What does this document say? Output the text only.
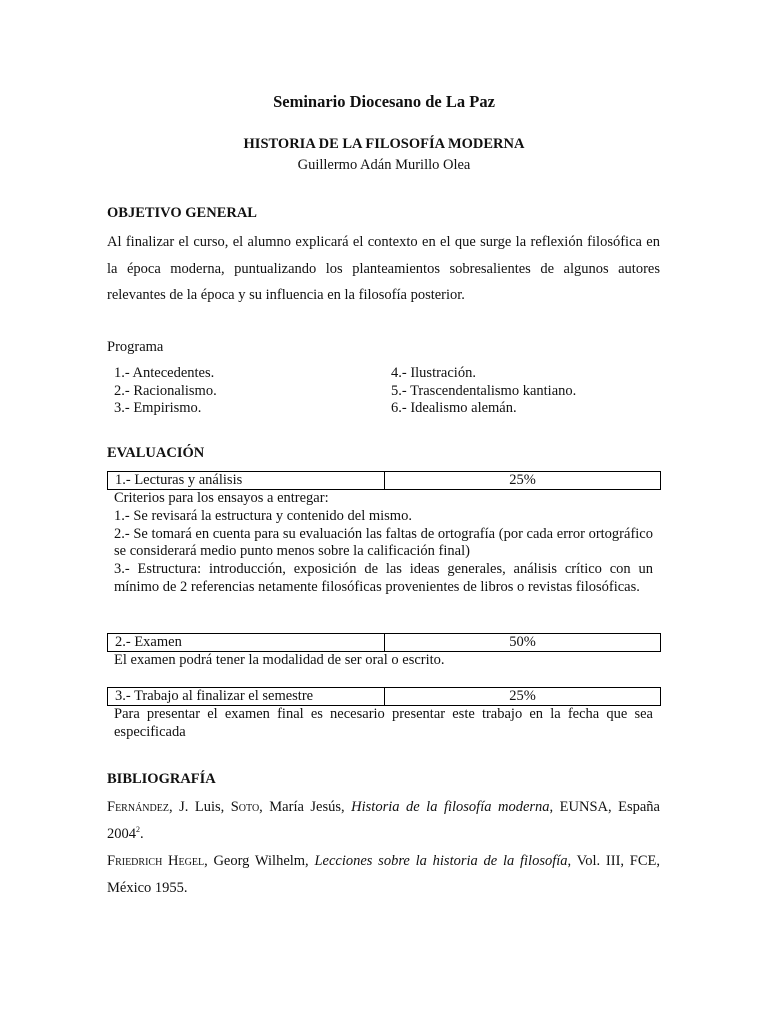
Seminario Diocesano de La Paz
HISTORIA DE LA FILOSOFÍA MODERNA
Guillermo Adán Murillo Olea
OBJETIVO GENERAL
Al finalizar el curso, el alumno explicará el contexto en el que surge la reflexión filosófica en la época moderna, puntualizando los planteamientos sobresalientes de algunos autores relevantes de la época y su influencia en la filosofía posterior.
Programa
1.- Antecedentes.
2.- Racionalismo.
3.- Empirismo.
4.- Ilustración.
5.- Trascendentalismo kantiano.
6.- Idealismo alemán.
EVALUACIÓN
1.- Lecturas y análisis	25%
Criterios para los ensayos a entregar:
1.- Se revisará la estructura y contenido del mismo.
2.- Se tomará en cuenta para su evaluación las faltas de ortografía (por cada error ortográfico se considerará medio punto menos sobre la calificación final)
3.- Estructura: introducción, exposición de las ideas generales, análisis crítico con un mínimo de 2 referencias netamente filosóficas provenientes de libros o revistas filosóficas.
2.- Examen	50%
El examen podrá tener la modalidad de ser oral o escrito.
3.- Trabajo al finalizar el semestre	25%
Para presentar el examen final es necesario presentar este trabajo en la fecha que sea especificada
BIBLIOGRAFÍA
Fernández, J. Luis, Soto, María Jesús, Historia de la filosofía moderna, EUNSA, España 2004$^2$.
Friedrich Hegel, Georg Wilhelm, Lecciones sobre la historia de la filosofía, Vol. III, FCE, México 1955.
